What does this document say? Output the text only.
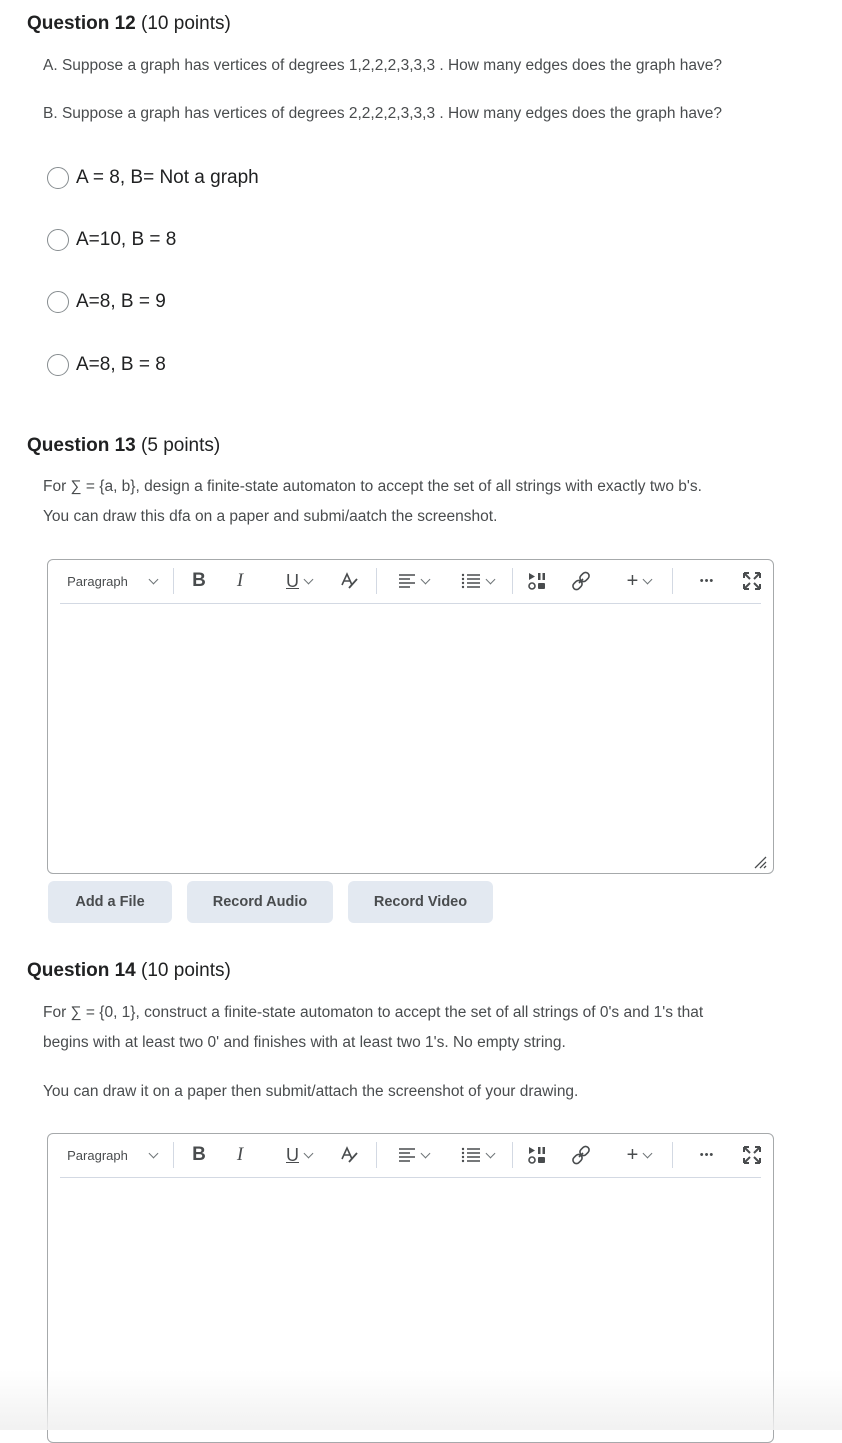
Question 12 (10 points)
A. Suppose a graph has vertices of degrees 1,2,2,2,3,3,3 . How many edges does the graph have?
B. Suppose a graph has vertices of degrees 2,2,2,2,3,3,3 . How many edges does the graph have?
A = 8, B= Not a graph
A=10, B = 8
A=8, B = 9
A=8, B = 8
Question 13 (5 points)
For ∑ = {a, b}, design a finite-state automaton to accept the set of all strings with exactly two b's.
You can draw this dfa on a paper and submi/aatch the screenshot.
Paragraph	B I U	+	•••
Add a File	Record Audio	Record Video
Question 14 (10 points)
For ∑ = {0, 1}, construct a finite-state automaton to accept the set of all strings of 0's and 1's that
begins with at least two 0' and finishes with at least two 1's. No empty string.
You can draw it on a paper then submit/attach the screenshot of your drawing.
Paragraph	B I U	+	•••
